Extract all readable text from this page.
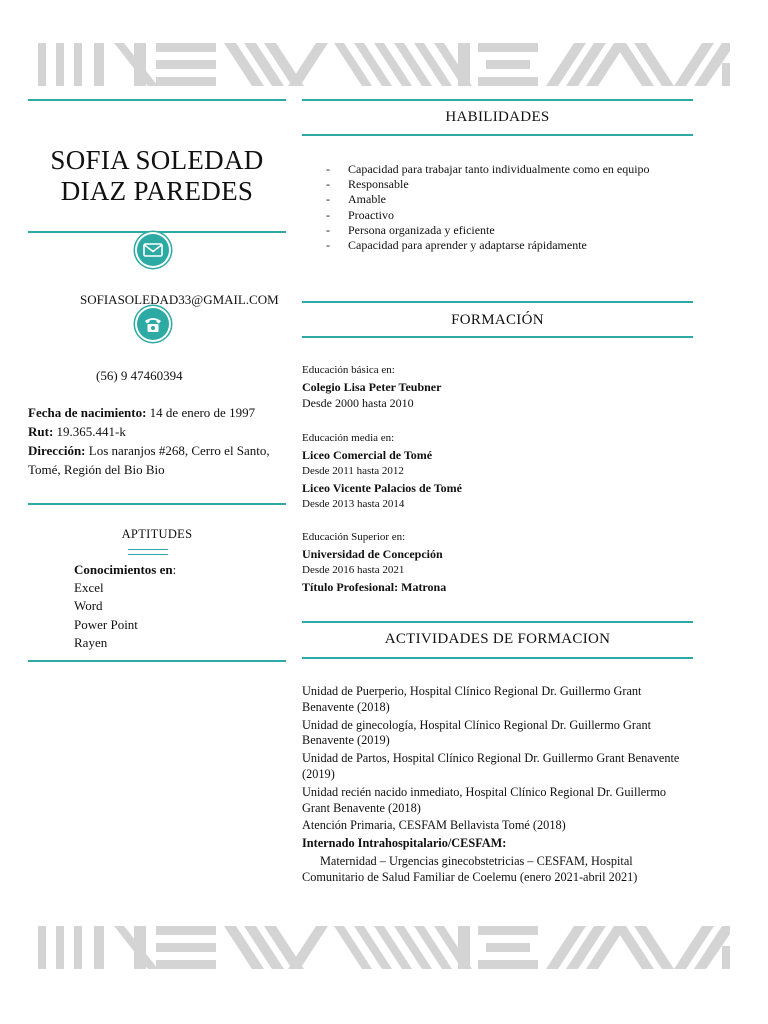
SOFIA SOLEDAD
DIAZ PAREDES
SOFIASOLEDAD33@GMAIL.COM
(56) 9 47460394
Fecha de nacimiento: 14 de enero de 1997
Rut: 19.365.441-k
Dirección: Los naranjos #268, Cerro el Santo, Tomé, Región del Bio Bio
APTITUDES
Conocimientos en:
Excel
Word
Power Point
Rayen
HABILIDADES
-	Capacidad para trabajar tanto individualmente como en equipo
-	Responsable
-	Amable
-	Proactivo
-	Persona organizada y eficiente
-	Capacidad para aprender y adaptarse rápidamente
FORMACIÓN
Educación básica en:
Colegio Lisa Peter Teubner
Desde 2000 hasta 2010
Educación media en:
Liceo Comercial de Tomé
Desde 2011 hasta 2012
Liceo Vicente Palacios de Tomé
Desde 2013 hasta 2014
Educación Superior en:
Universidad de Concepción
Desde 2016 hasta 2021
Título Profesional: Matrona
ACTIVIDADES DE FORMACION

Unidad de Puerperio, Hospital Clínico Regional Dr. Guillermo Grant Benavente (2018)

Unidad de ginecología, Hospital Clínico Regional Dr. Guillermo Grant Benavente (2019)

Unidad de Partos, Hospital Clínico Regional Dr. Guillermo Grant Benavente (2019)

Unidad recién nacido inmediato, Hospital Clínico Regional Dr. Guillermo Grant Benavente (2018)

Atención Primaria, CESFAM Bellavista Tomé (2018)

Internado Intrahospitalario/CESFAM:

Maternidad – Urgencias ginecobstetricias – CESFAM, Hospital Comunitario de Salud Familiar de Coelemu (enero 2021-abril 2021)
